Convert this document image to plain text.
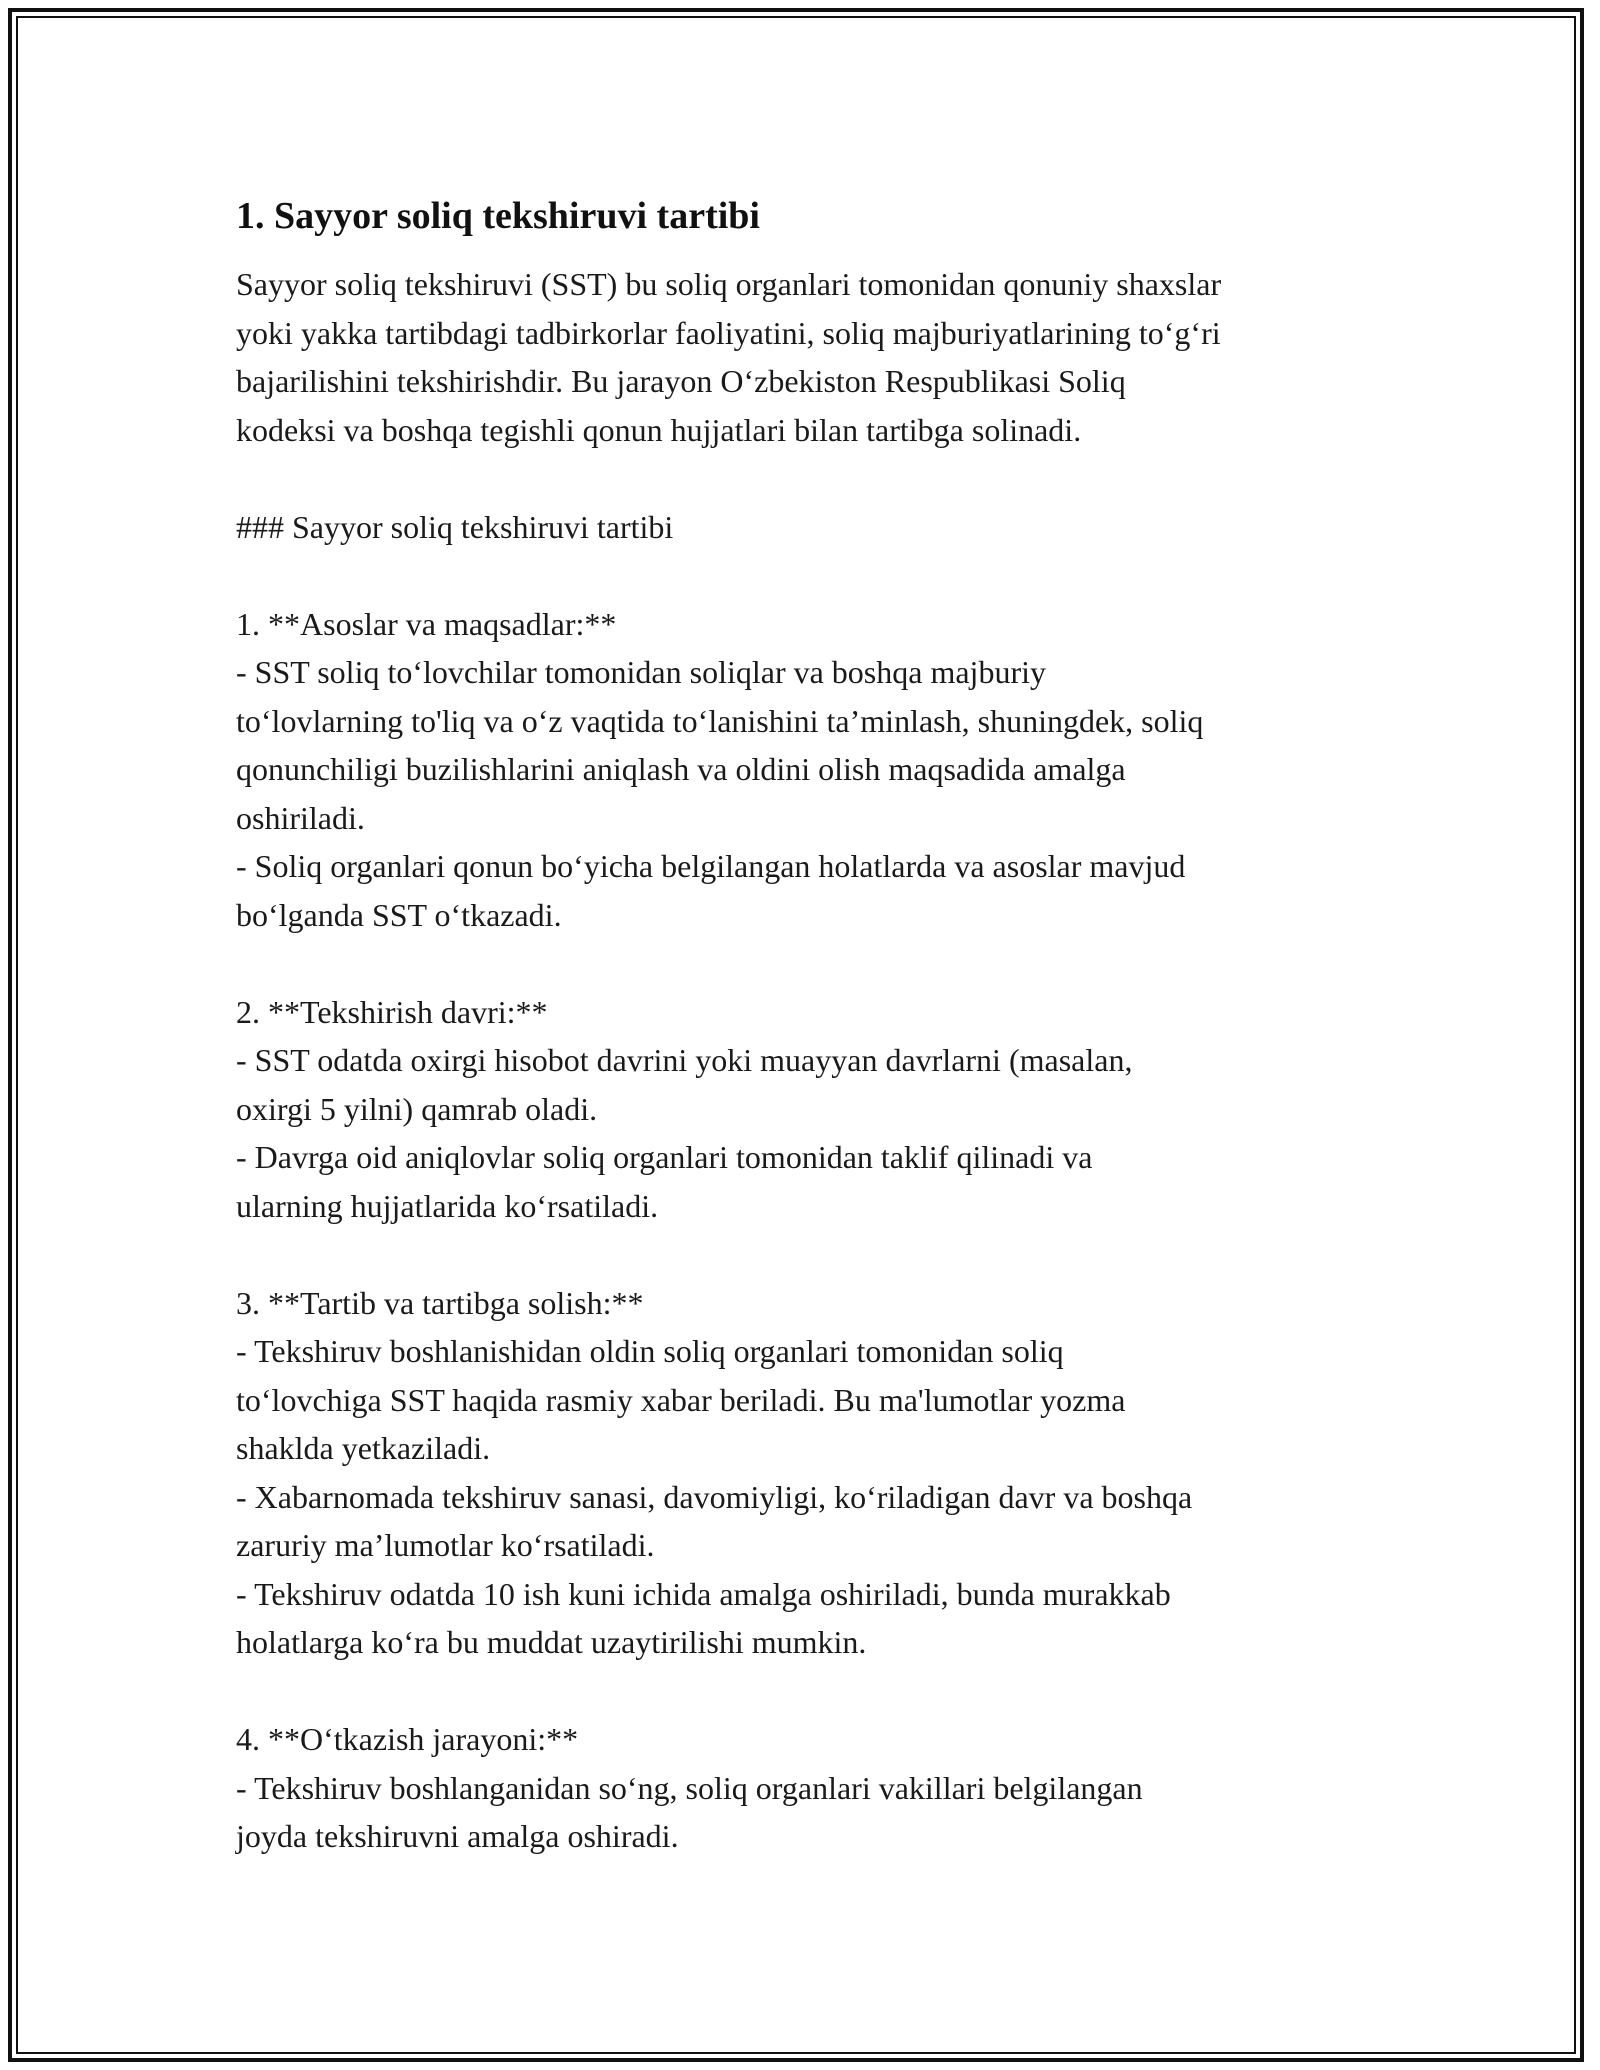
1. Sayyor soliq tekshiruvi tartibi

Sayyor soliq tekshiruvi (SST) bu soliq organlari tomonidan qonuniy shaxslar
yoki yakka tartibdagi tadbirkorlar faoliyatini, soliq majburiyatlarining to‘g‘ri
bajarilishini tekshirishdir. Bu jarayon O‘zbekiston Respublikasi Soliq
kodeksi va boshqa tegishli qonun hujjatlari bilan tartibga solinadi.

### Sayyor soliq tekshiruvi tartibi

1. **Asoslar va maqsadlar:**

- SST soliq to‘lovchilar tomonidan soliqlar va boshqa majburiy
to‘lovlarning to'liq va o‘z vaqtida to‘lanishini ta’minlash, shuningdek, soliq
qonunchiligi buzilishlarini aniqlash va oldini olish maqsadida amalga
oshiriladi.
- Soliq organlari qonun bo‘yicha belgilangan holatlarda va asoslar mavjud
bo‘lganda SST o‘tkazadi.

2. **Tekshirish davri:**

- SST odatda oxirgi hisobot davrini yoki muayyan davrlarni (masalan,
oxirgi 5 yilni) qamrab oladi.
- Davrga oid aniqlovlar soliq organlari tomonidan taklif qilinadi va
ularning hujjatlarida ko‘rsatiladi.

3. **Tartib va tartibga solish:**

- Tekshiruv boshlanishidan oldin soliq organlari tomonidan soliq
to‘lovchiga SST haqida rasmiy xabar beriladi. Bu ma'lumotlar yozma
shaklda yetkaziladi.
- Xabarnomada tekshiruv sanasi, davomiyligi, ko‘riladigan davr va boshqa
zaruriy ma’lumotlar ko‘rsatiladi.
- Tekshiruv odatda 10 ish kuni ichida amalga oshiriladi, bunda murakkab
holatlarga ko‘ra bu muddat uzaytirilishi mumkin.

4. **O‘tkazish jarayoni:**

- Tekshiruv boshlanganidan so‘ng, soliq organlari vakillari belgilangan
joyda tekshiruvni amalga oshiradi.
